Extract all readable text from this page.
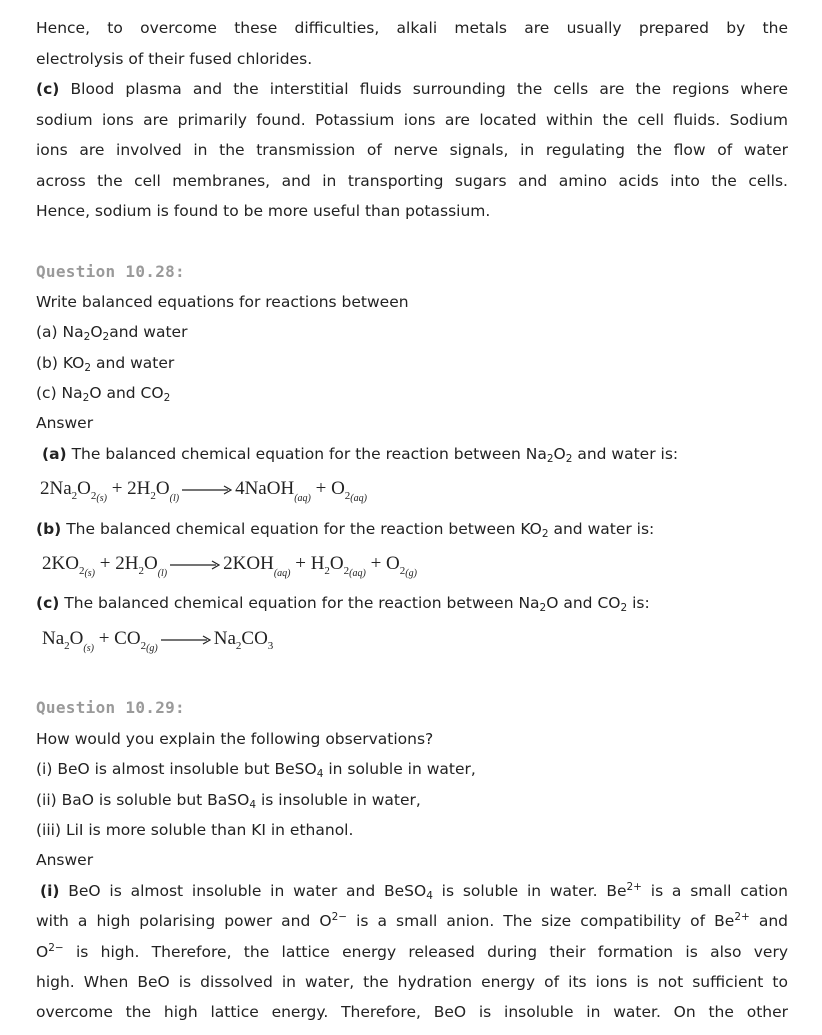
Hence, to overcome these difficulties, alkali metals are usually prepared by the
electrolysis of their fused chlorides.
(c) Blood plasma and the interstitial fluids surrounding the cells are the regions where
sodium ions are primarily found. Potassium ions are located within the cell fluids. Sodium
ions are involved in the transmission of nerve signals, in regulating the flow of water
across the cell membranes, and in transporting sugars and amino acids into the cells.
Hence, sodium is found to be more useful than potassium.
Question 10.28:
Write balanced equations for reactions between
(a) $Na_2O_2and$ water
(b) $KO_2$ and water
(c) $Na_2O$ and $CO_2$
Answer
(a) The balanced chemical equation for the reaction between $Na_2O_2$ and water is:
$2Na_2O_{2(s)} + 2H_2O_{(l)}$ → 4NaOH$_{(aq)}$ + $O_{2(aq)}$
(b) The balanced chemical equation for the reaction between $KO_2$ and water is:
$2KO_{2(s)} + 2H_2O_{(l)} \to 2KOH_{(aq)} + H_2O_{2(aq)} + O_{2(g)}$
(c) The balanced chemical equation for the reaction between $Na_2O$ and $CO_2$ is:
$Na_2O_{(s)} + CO_{2(g)} \to Na_2CO_3$
Question 10.29:
How would you explain the following observations?
(i) BeO is almost insoluble but BeSO$_4$ in soluble in water,
(ii) BaO is soluble but BaSO$_4$ is insoluble in water,
(iii) LiI is more soluble than KI in ethanol.
Answer
(i) BeO is almost insoluble in water and BeSO$_4$ is soluble in water. $Be^{2+}$ is a small cation
with a high polarising power and $O^{2-}$ is a small anion. The size compatibility of $Be^{2+}$ and
$O^{2-}$ is high. Therefore, the lattice energy released during their formation is also very
high. When BeO is dissolved in water, the hydration energy of its ions is not sufficient to
overcome the high lattice energy. Therefore, BeO is insoluble in water. On the other
